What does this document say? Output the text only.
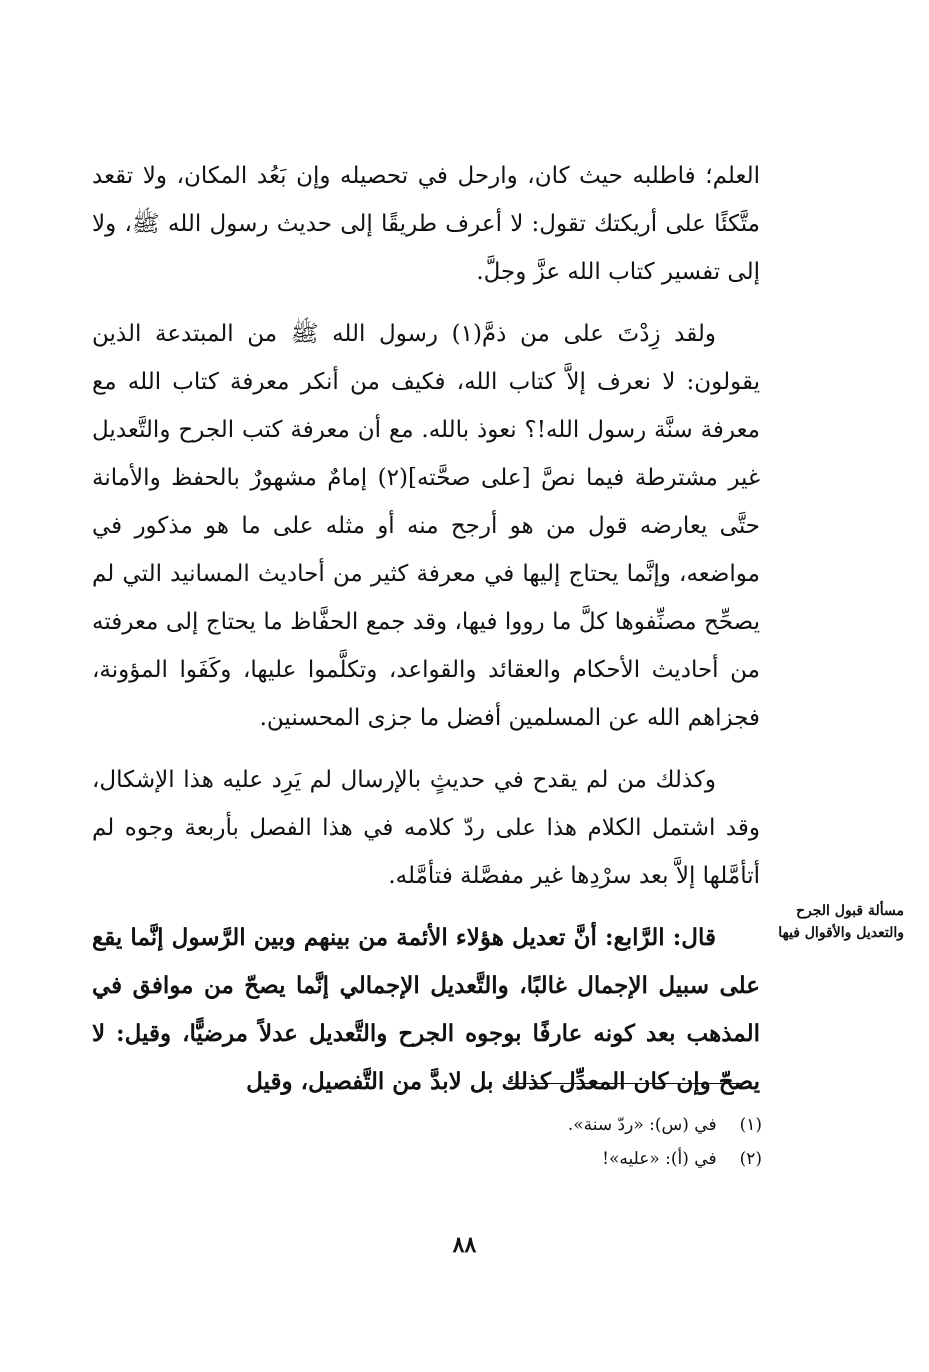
العلم؛ فاطلبه حيث كان، وارحل في تحصيله وإن بَعُد المكان، ولا تقعد متَّكئًا على أريكتك تقول: لا أعرف طريقًا إلى حديث رسول الله ﷺ، ولا إلى تفسير كتاب الله عزَّ وجلَّ.

ولقد زِدْتَ على من ذمَّ(١) رسول الله ﷺ من المبتدعة الذين يقولون: لا نعرف إلاَّ كتاب الله، فكيف من أنكر معرفة كتاب الله مع معرفة سنَّة رسول الله!؟ نعوذ بالله. مع أن معرفة كتب الجرح والتَّعديل غير مشترطة فيما نصَّ [على صحَّته](٢) إمامٌ مشهورٌ بالحفظ والأمانة حتَّى يعارضه قول من هو أرجح منه أو مثله على ما هو مذكور في مواضعه، وإنَّما يحتاج إليها في معرفة كثير من أحاديث المسانيد التي لم يصحِّح مصنِّفوها كلَّ ما رووا فيها، وقد جمع الحفَّاظ ما يحتاج إلى معرفته من أحاديث الأحكام والعقائد والقواعد، وتكلَّموا عليها، وكَفَوا المؤونة، فجزاهم الله عن المسلمين أفضل ما جزى المحسنين.

وكذلك من لم يقدح في حديثٍ بالإرسال لم يَرِد عليه هذا الإشكال، وقد اشتمل الكلام هذا على ردّ كلامه في هذا الفصل بأربعة وجوه لم أتأمَّلها إلاَّ بعد سرْدِها غير مفصَّلة فتأمَّله.

قال: الرَّابع: أنَّ تعديل هؤلاء الأئمة من بينهم وبين الرَّسول إنَّما يقع على سبيل الإجمال غالبًا، والتَّعديل الإجمالي إنَّما يصحّ من موافق في المذهب بعد كونه عارفًا بوجوه الجرح والتَّعديل عدلاً مرضيًّا، وقيل: لا يصحّ وإن كان المعدِّل كذلك بل لابدَّ من التَّفصيل، وقيل

مسألة قبول الجرح والتعديل والأقوال فيها
(١) في (س): «ردّ سنة».
(٢) في (أ): «عليه»!
٨٨
